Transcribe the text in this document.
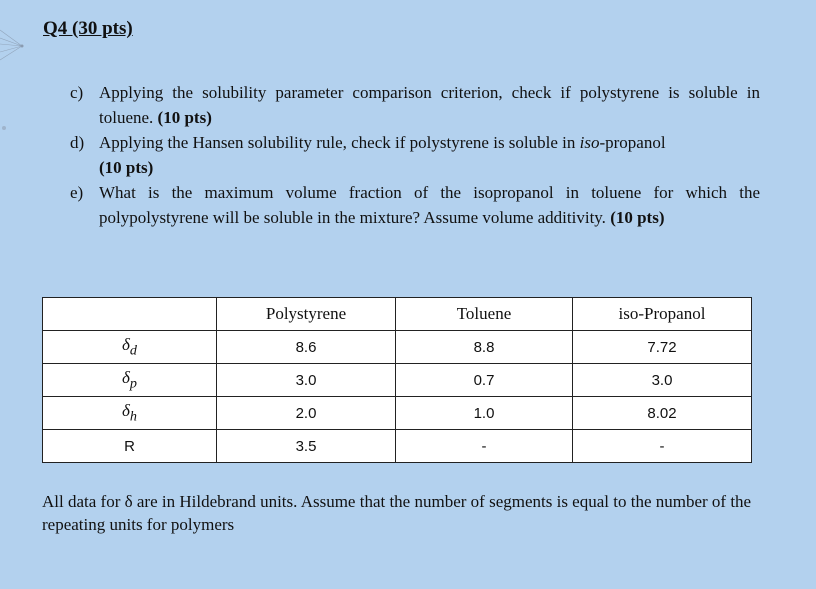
Q4 (30 pts)
c) Applying the solubility parameter comparison criterion, check if polystyrene is soluble in toluene. (10 pts)
d) Applying the Hansen solubility rule, check if polystyrene is soluble in iso-propanol
(10 pts)
e) What is the maximum volume fraction of the isopropanol in toluene for which the polypolystyrene will be soluble in the mixture? Assume volume additivity. (10 pts)
	Polystyrene	Toluene	iso-Propanol
$\delta_d$	8.6	8.8	7.72
$\delta_p$	3.0	0.7	3.0
$\delta_h$	2.0	1.0	8.02
R	3.5	-	-
All data for δ are in Hildebrand units. Assume that the number of segments is equal to the number of the repeating units for polymers
